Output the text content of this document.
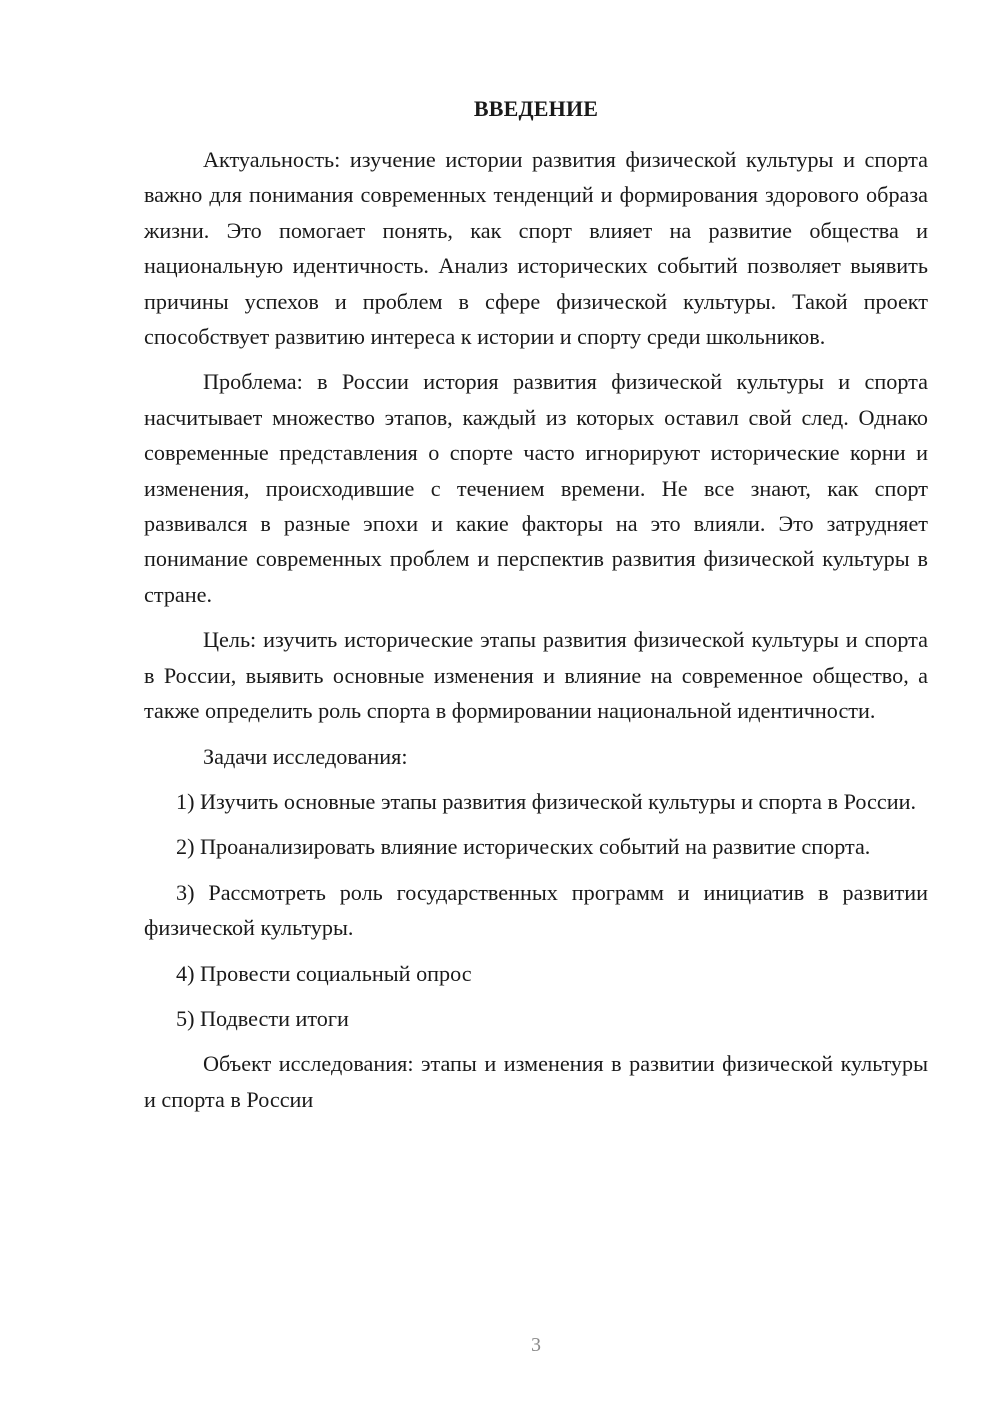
ВВЕДЕНИЕ

Актуальность: изучение истории развития физической культуры и спорта важно для понимания современных тенденций и формирования здорового образа жизни. Это помогает понять, как спорт влияет на развитие общества и национальную идентичность. Анализ исторических событий позволяет выявить причины успехов и проблем в сфере физической культуры. Такой проект способствует развитию интереса к истории и спорту среди школьников.

Проблема: в России история развития физической культуры и спорта насчитывает множество этапов, каждый из которых оставил свой след. Однако современные представления о спорте часто игнорируют исторические корни и изменения, происходившие с течением времени. Не все знают, как спорт развивался в разные эпохи и какие факторы на это влияли. Это затрудняет понимание современных проблем и перспектив развития физической культуры в стране.

Цель: изучить исторические этапы развития физической культуры и спорта в России, выявить основные изменения и влияние на современное общество, а также определить роль спорта в формировании национальной идентичности.

Задачи исследования:

1) Изучить основные этапы развития физической культуры и спорта в России.

2) Проанализировать влияние исторических событий на развитие спорта.

3) Рассмотреть роль государственных программ и инициатив в развитии физической культуры.

4) Провести социальный опрос

5) Подвести итоги

Объект исследования: этапы и изменения в развитии физической культуры и спорта в России

3
